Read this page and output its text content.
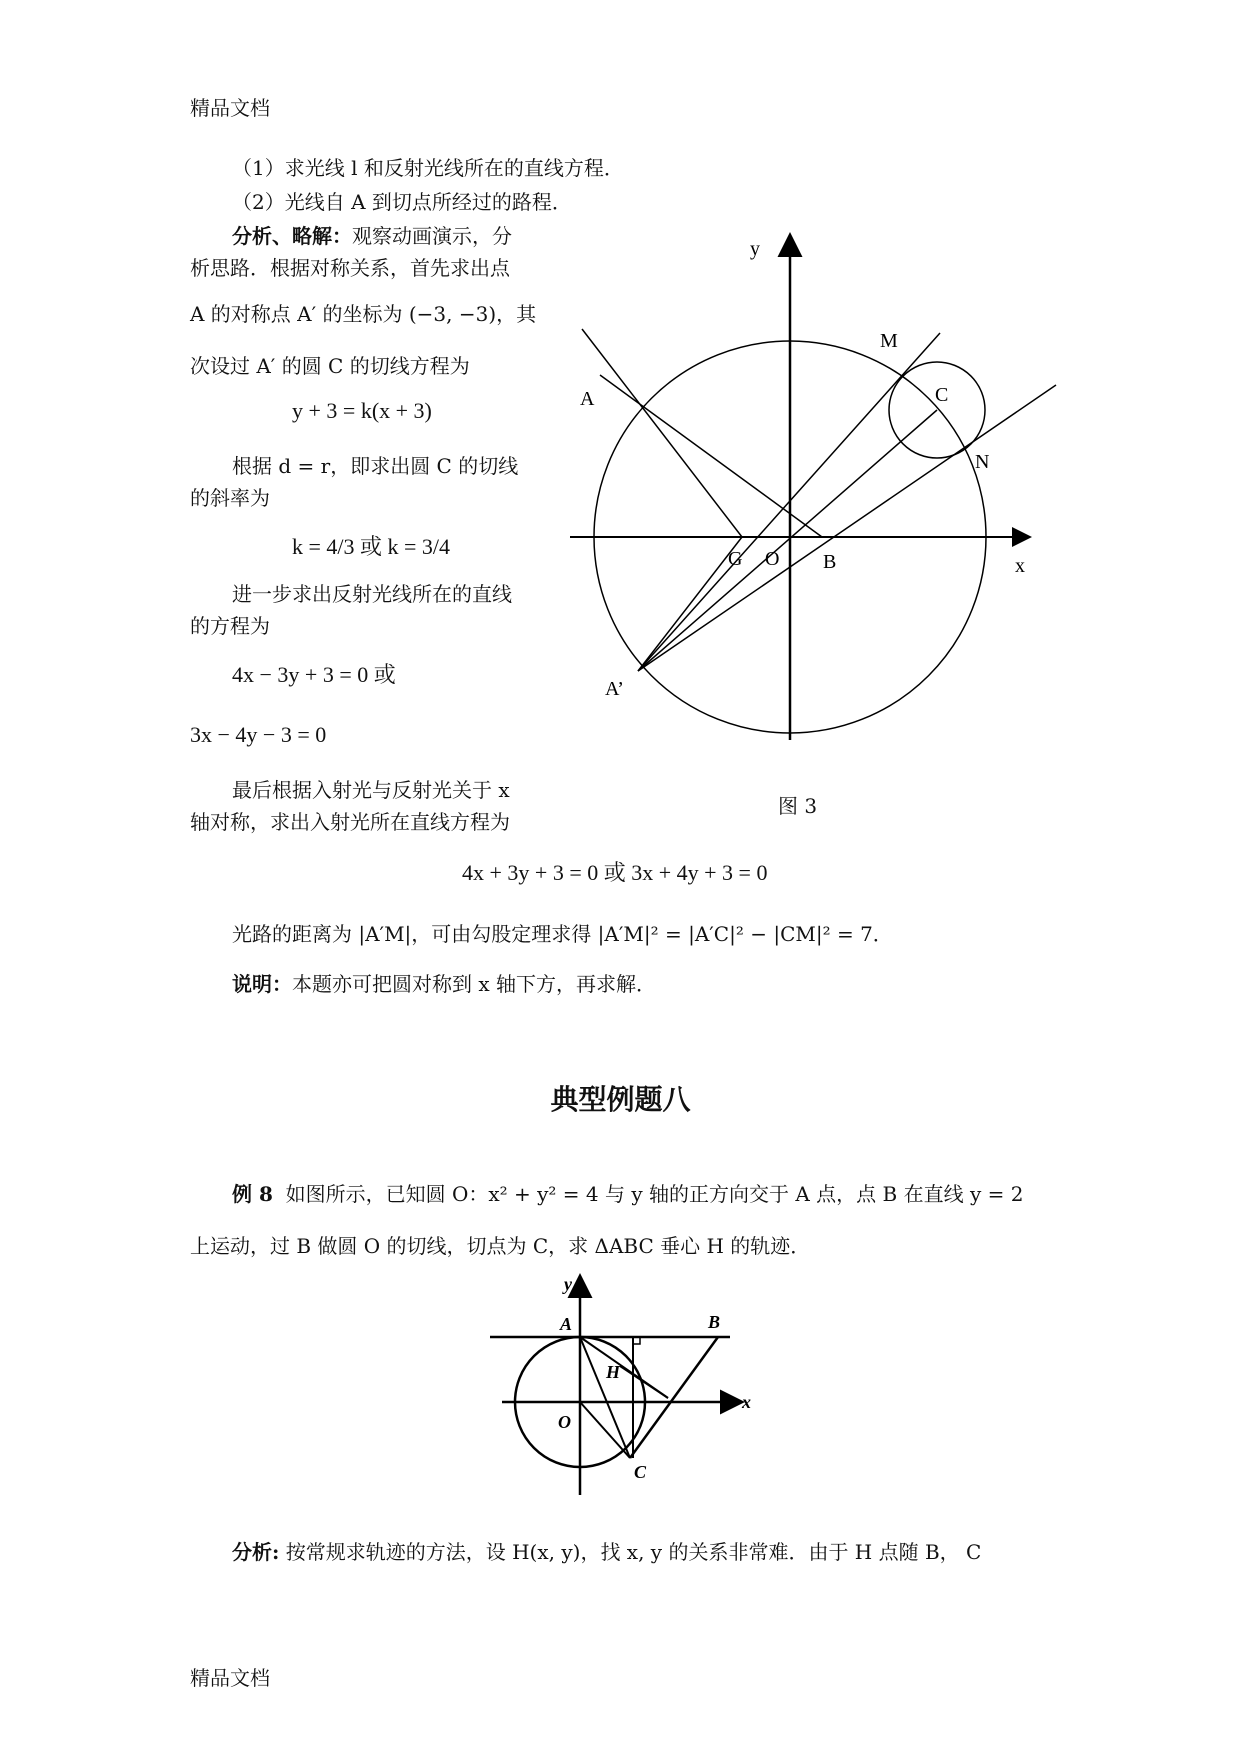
精品文档
（1）求光线 l 和反射光线所在的直线方程．
（2）光线自 A 到切点所经过的路程．
分析、略解：观察动画演示，分
析思路．根据对称关系，首先求出点
A 的对称点 A′ 的坐标为 (−3, −3)，其
次设过 A′ 的圆 C 的切线方程为
y + 3 = k(x + 3)
根据 d = r，即求出圆 C 的切线
的斜率为
k = 4/3 或 k = 3/4
进一步求出反射光线所在的直线
的方程为
4x − 3y + 3 = 0 或
3x − 4y − 3 = 0
最后根据入射光与反射光关于 x
轴对称，求出入射光所在直线方程为
y
x
M
C
A
N
G O B
A’
图 3
4x + 3y + 3 = 0 或 3x + 4y + 3 = 0
光路的距离为 |A′M|，可由勾股定理求得 |A′M|² = |A′C|² − |CM|² = 7．
说明：本题亦可把圆对称到 x 轴下方，再求解．
典型例题八
例 8 如图所示，已知圆 O：x² + y² = 4 与 y 轴的正方向交于 A 点，点 B 在直线 y = 2
上运动，过 B 做圆 O 的切线，切点为 C，求 ΔABC 垂心 H 的轨迹．
y
x
A	B
H
O
C
分析: 按常规求轨迹的方法，设 H(x, y)，找 x, y 的关系非常难．由于 H 点随 B， C
精品文档
